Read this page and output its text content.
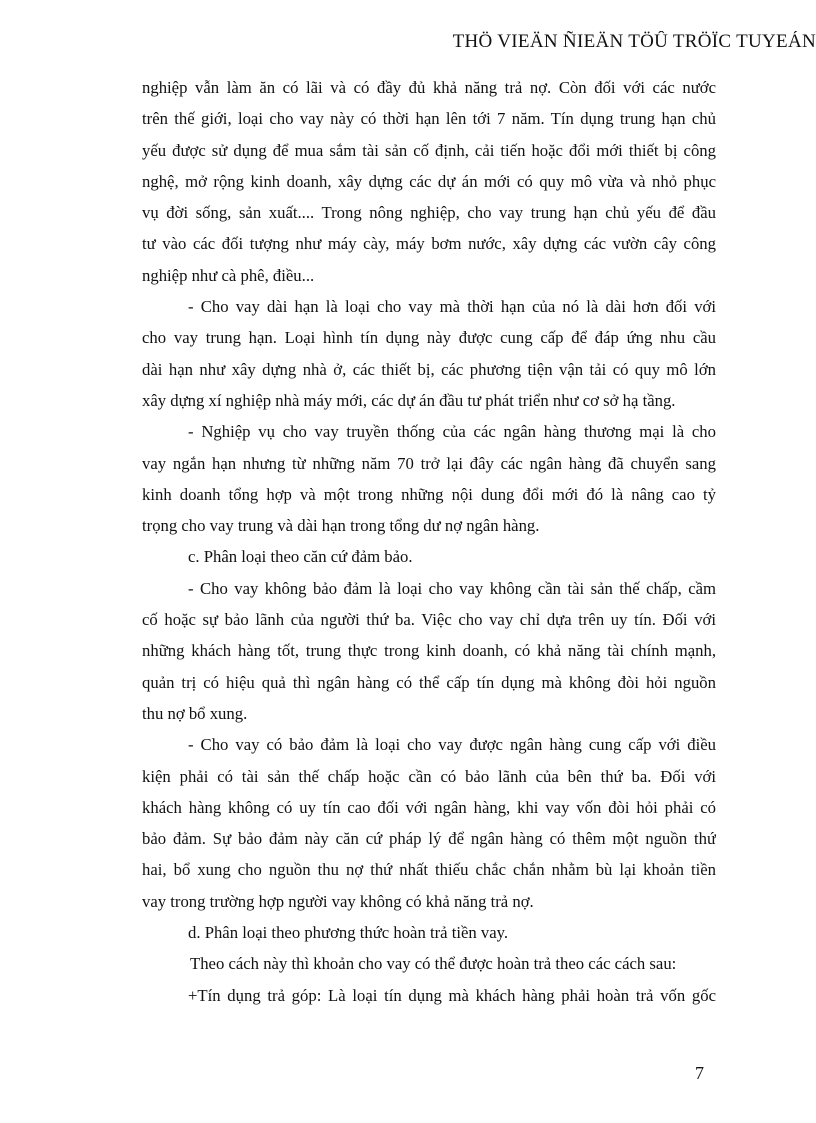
THÖ VIEÄN ÑIEÄN TÖÛ TRÖÏC TUYEÁN
nghiệp vẫn làm ăn có lãi và có đầy đủ khả năng trả nợ. Còn đối với các nước
trên thế giới, loại cho vay này có thời hạn lên tới 7 năm. Tín dụng trung hạn chủ
yếu được sử dụng để mua sắm tài sản cố định, cải tiến hoặc đổi mới thiết bị công
nghệ, mở rộng kinh doanh, xây dựng các dự án mới có quy mô vừa và nhỏ phục
vụ đời sống, sản xuất.... Trong nông nghiệp, cho vay trung hạn chủ yếu để đầu
tư vào các đối tượng như máy cày, máy bơm nước, xây dựng các vườn cây công
nghiệp như cà phê, điều...
- Cho vay dài hạn là loại cho vay mà thời hạn của nó là dài hơn đối với
cho vay trung hạn. Loại hình tín dụng này được cung cấp để đáp ứng nhu cầu
dài hạn như xây dựng nhà ở, các thiết bị, các phương tiện vận tải có quy mô lớn
xây dựng xí nghiệp nhà máy mới, các dự án đầu tư phát triển như cơ sở hạ tầng.
- Nghiệp vụ cho vay truyền thống của các ngân hàng thương mại là cho
vay ngắn hạn nhưng từ những năm 70 trở lại đây các ngân hàng đã chuyển sang
kinh doanh tổng hợp và một trong những nội dung đổi mới đó là nâng cao tỷ
trọng cho vay trung và dài hạn trong tổng dư nợ ngân hàng.
c. Phân loại theo căn cứ đảm bảo.
- Cho vay không bảo đảm là loại cho vay không cần tài sản thế chấp, cầm
cố hoặc sự bảo lãnh của người thứ ba. Việc cho vay chỉ dựa trên uy tín. Đối với
những khách hàng tốt, trung thực trong kinh doanh, có khả năng tài chính mạnh,
quản trị có hiệu quả thì ngân hàng có thể cấp tín dụng mà không đòi hỏi nguồn
thu nợ bổ xung.
- Cho vay có bảo đảm là loại cho vay được ngân hàng cung cấp với điều
kiện phải có tài sản thế chấp hoặc cần có bảo lãnh của bên thứ ba. Đối với
khách hàng không có uy tín cao đối với ngân hàng, khi vay vốn đòi hỏi phải có
bảo đảm. Sự bảo đảm này căn cứ pháp lý để ngân hàng có thêm một nguồn thứ
hai, bổ xung cho nguồn thu nợ thứ nhất thiếu chắc chắn nhằm bù lại khoản tiền
vay trong trường hợp người vay không có khả năng trả nợ.
d. Phân loại theo phương thức hoàn trả tiền vay.
Theo cách này thì khoản cho vay có thể được hoàn trả theo các cách sau:
+Tín dụng trả góp: Là loại tín dụng mà khách hàng phải hoàn trả vốn gốc
7
